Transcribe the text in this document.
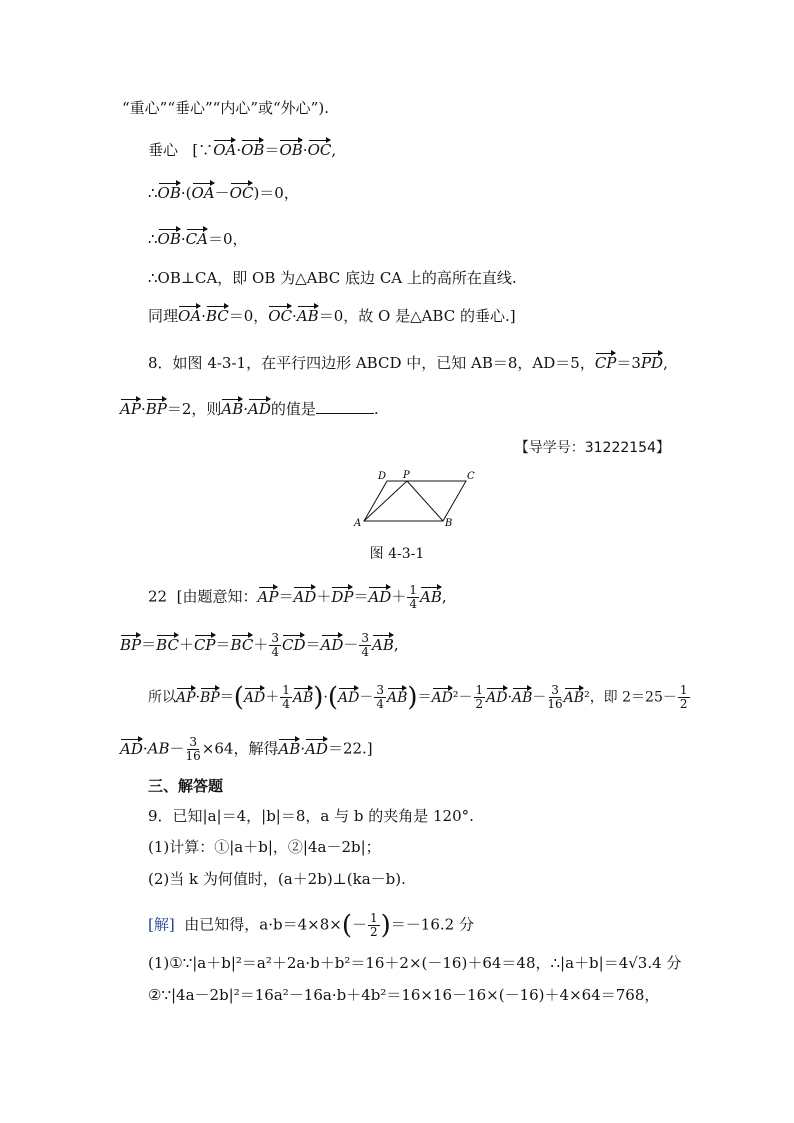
“重心”“垂心”“内心”或“外心”).
垂心 [∵OA·OB＝OB·OC,
∴OB·(OA－OC)＝0，
∴OB·CA＝0，
∴OB⊥CA，即 OB 为△ABC 底边 CA 上的高所在直线.
同理OA·BC＝0，OC·AB＝0，故 O 是△ABC 的垂心.]
8．如图 4-3-1，在平行四边形 ABCD 中，已知 AB＝8，AD＝5，CP＝3PD,
AP·BP＝2，则AB·AD的值是	.
【导学号：31222154】
D P	C
A	B
图 4-3-1
22 [由题意知：$AP=AD+DP=AD+ \frac{1}{4}$ AB,
$BP=BC+CP=BC+ \frac{3}{4} CD=AD- \frac{3}{4}$ AB,
所以$AP\cdot BP=(AD+ \frac{1}{4} AB)\cdot(AD- \frac{3}{4} AB)=AD^2- \frac{1}{2} AD\cdot AB- \frac{3}{16} AB^2$，即 $2=25- \frac{1}{2}$
$AD\cdot AB- \frac{3}{16} \times 64$，解得AB·AD＝22.]
三、解答题
9．已知|a|＝4，|b|＝8，a 与 b 的夹角是 120°.
(1)计算：①|a＋b|，②|4a－2b|；
(2)当 k 为何值时，(a＋2b)⊥(ka－b).
[解] 由已知得，$a\cdot b=4\times 8\times(- \frac{1}{2} )=-16.2$ 分
(1)①∵|a＋b|²＝a²＋2a·b＋b²＝16＋2×(－16)＋64＝48，∴|a＋b|＝4√3.4 分
②∵|4a－2b|²＝16a²－16a·b＋4b²＝16×16－16×(－16)＋4×64＝768，
